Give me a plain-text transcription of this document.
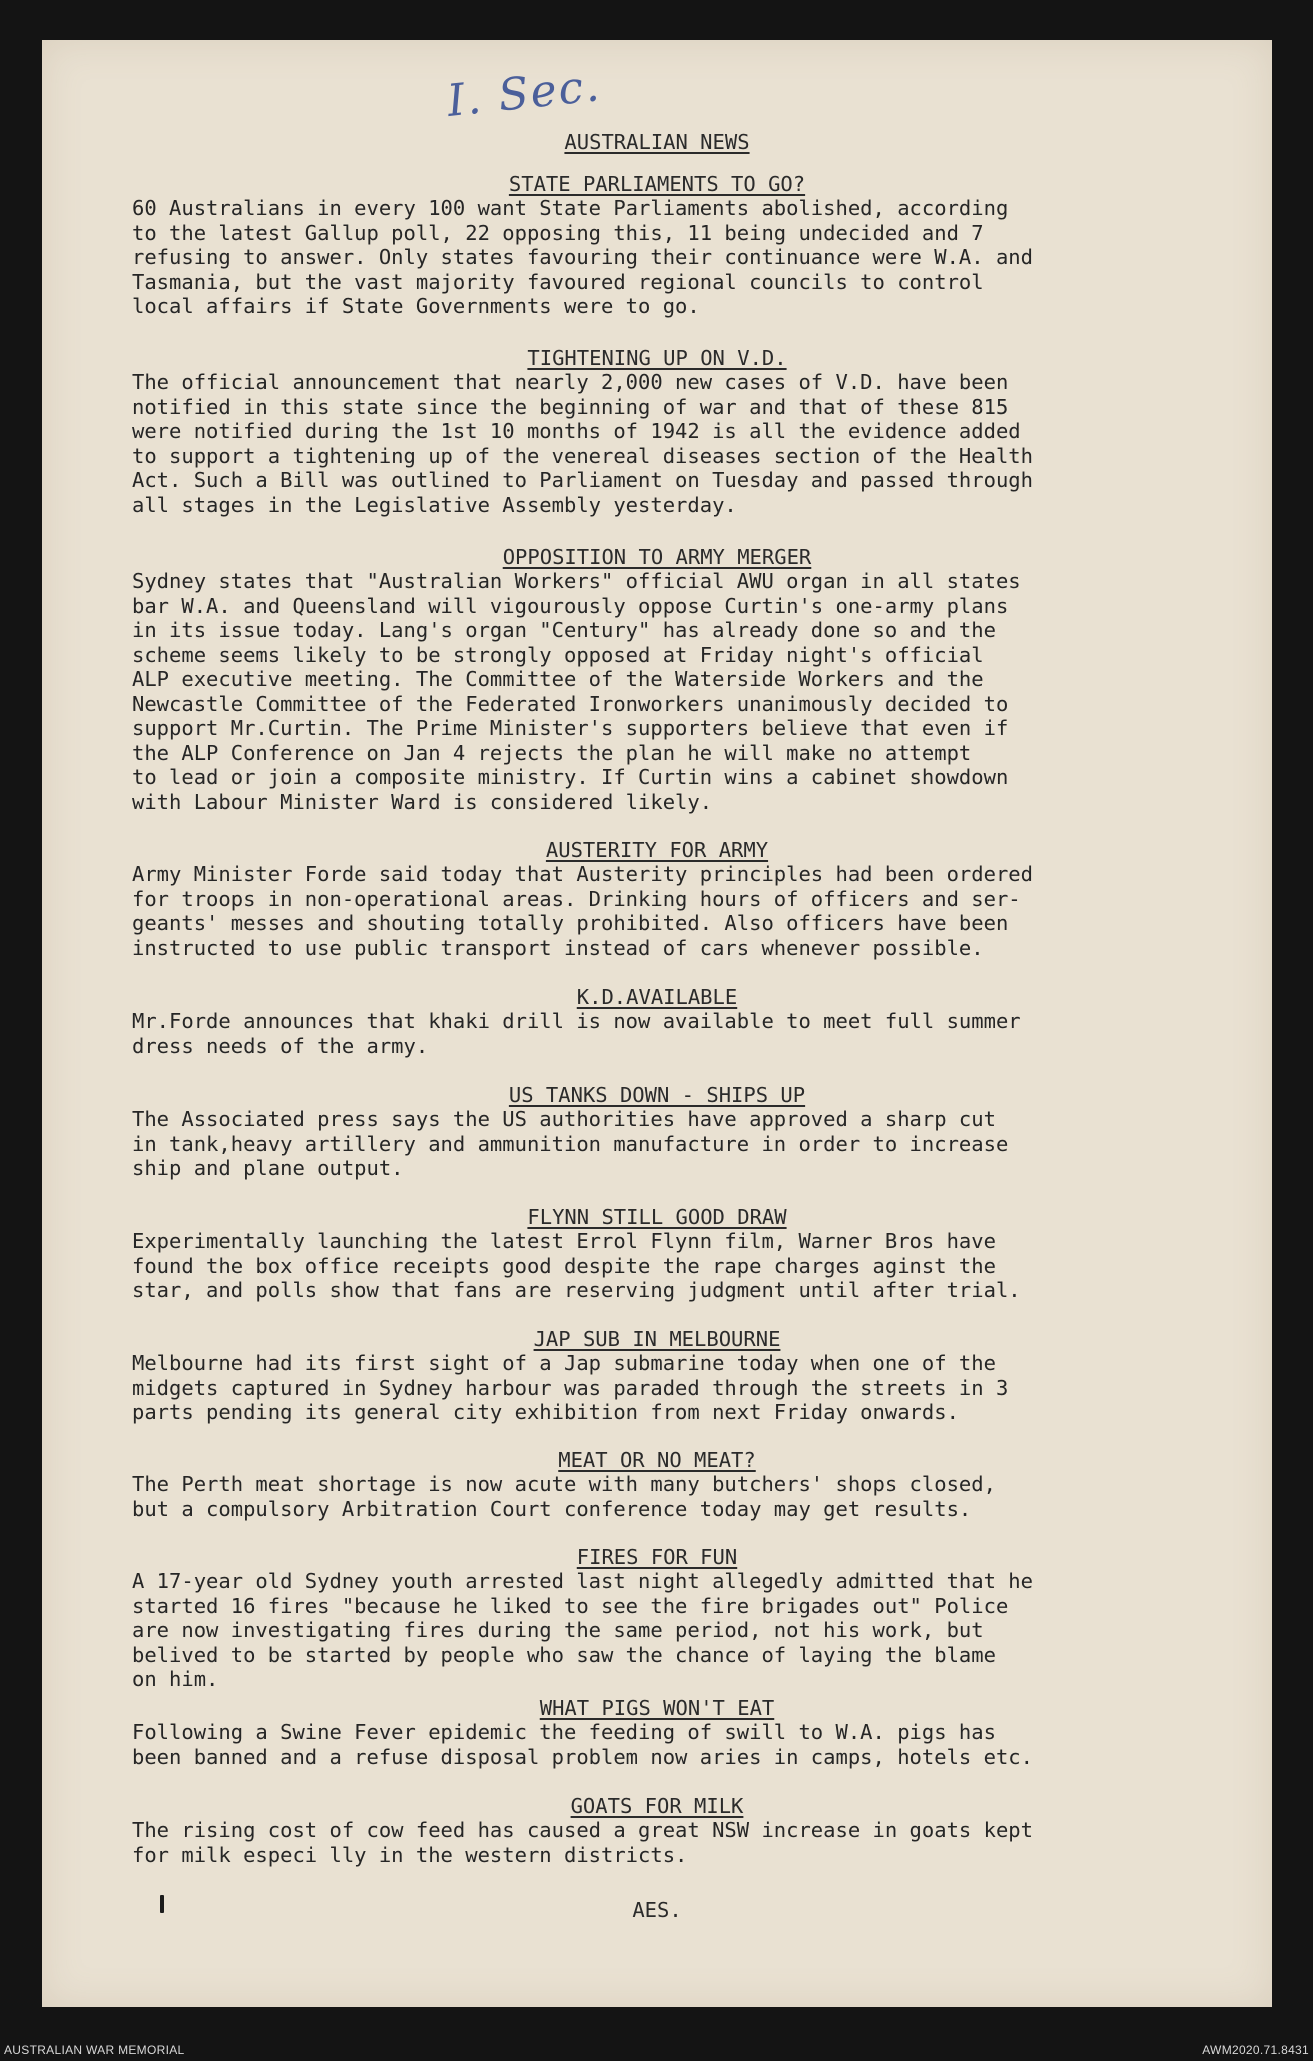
I. Sec.
AUSTRALIAN NEWS
STATE PARLIAMENTS TO GO?

60 Australians in every 100 want State Parliaments abolished, according
to the latest Gallup poll, 22 opposing this, 11 being undecided and 7
refusing to answer. Only states favouring their continuance were W.A. and
Tasmania, but the vast majority favoured regional councils to control
local affairs if State Governments were to go.

TIGHTENING UP ON V.D.

The official announcement that nearly 2,000 new cases of V.D. have been
notified in this state since the beginning of war and that of these 815
were notified during the 1st 10 months of 1942 is all the evidence added
to support a tightening up of the venereal diseases section of the Health
Act. Such a Bill was outlined to Parliament on Tuesday and passed through
all stages in the Legislative Assembly yesterday.

OPPOSITION TO ARMY MERGER

Sydney states that "Australian Workers" official AWU organ in all states
bar W.A. and Queensland will vigourously oppose Curtin's one-army plans
in its issue today. Lang's organ "Century" has already done so and the
scheme seems likely to be strongly opposed at Friday night's official
ALP executive meeting. The Committee of the Waterside Workers and the
Newcastle Committee of the Federated Ironworkers unanimously decided to
support Mr.Curtin. The Prime Minister's supporters believe that even if
the ALP Conference on Jan 4 rejects the plan he will make no attempt
to lead or join a composite ministry. If Curtin wins a cabinet showdown
with Labour Minister Ward is considered likely.

AUSTERITY FOR ARMY

Army Minister Forde said today that Austerity principles had been ordered
for troops in non-operational areas. Drinking hours of officers and ser-
geants' messes and shouting totally prohibited. Also officers have been
instructed to use public transport instead of cars whenever possible.

K.D.AVAILABLE

Mr.Forde announces that khaki drill is now available to meet full summer
dress needs of the army.

US TANKS DOWN - SHIPS UP

The Associated press says the US authorities have approved a sharp cut
in tank,heavy artillery and ammunition manufacture in order to increase
ship and plane output.

FLYNN STILL GOOD DRAW

Experimentally launching the latest Errol Flynn film, Warner Bros have
found the box office receipts good despite the rape charges aginst the
star, and polls show that fans are reserving judgment until after trial.

JAP SUB IN MELBOURNE

Melbourne had its first sight of a Jap submarine today when one of the
midgets captured in Sydney harbour was paraded through the streets in 3
parts pending its general city exhibition from next Friday onwards.

MEAT OR NO MEAT?

The Perth meat shortage is now acute with many butchers' shops closed,
but a compulsory Arbitration Court conference today may get results.

FIRES FOR FUN

A 17-year old Sydney youth arrested last night allegedly admitted that he
started 16 fires "because he liked to see the fire brigades out" Police
are now investigating fires during the same period, not his work, but
belived to be started by people who saw the chance of laying the blame
on him.

WHAT PIGS WON'T EAT

Following a Swine Fever epidemic the feeding of swill to W.A. pigs has
been banned and a refuse disposal problem now aries in camps, hotels etc.

GOATS FOR MILK

The rising cost of cow feed has caused a great NSW increase in goats kept
for milk especi lly in the western districts.

AES.
AUSTRALIAN WAR MEMORIAL	AWM2020.71.8431
